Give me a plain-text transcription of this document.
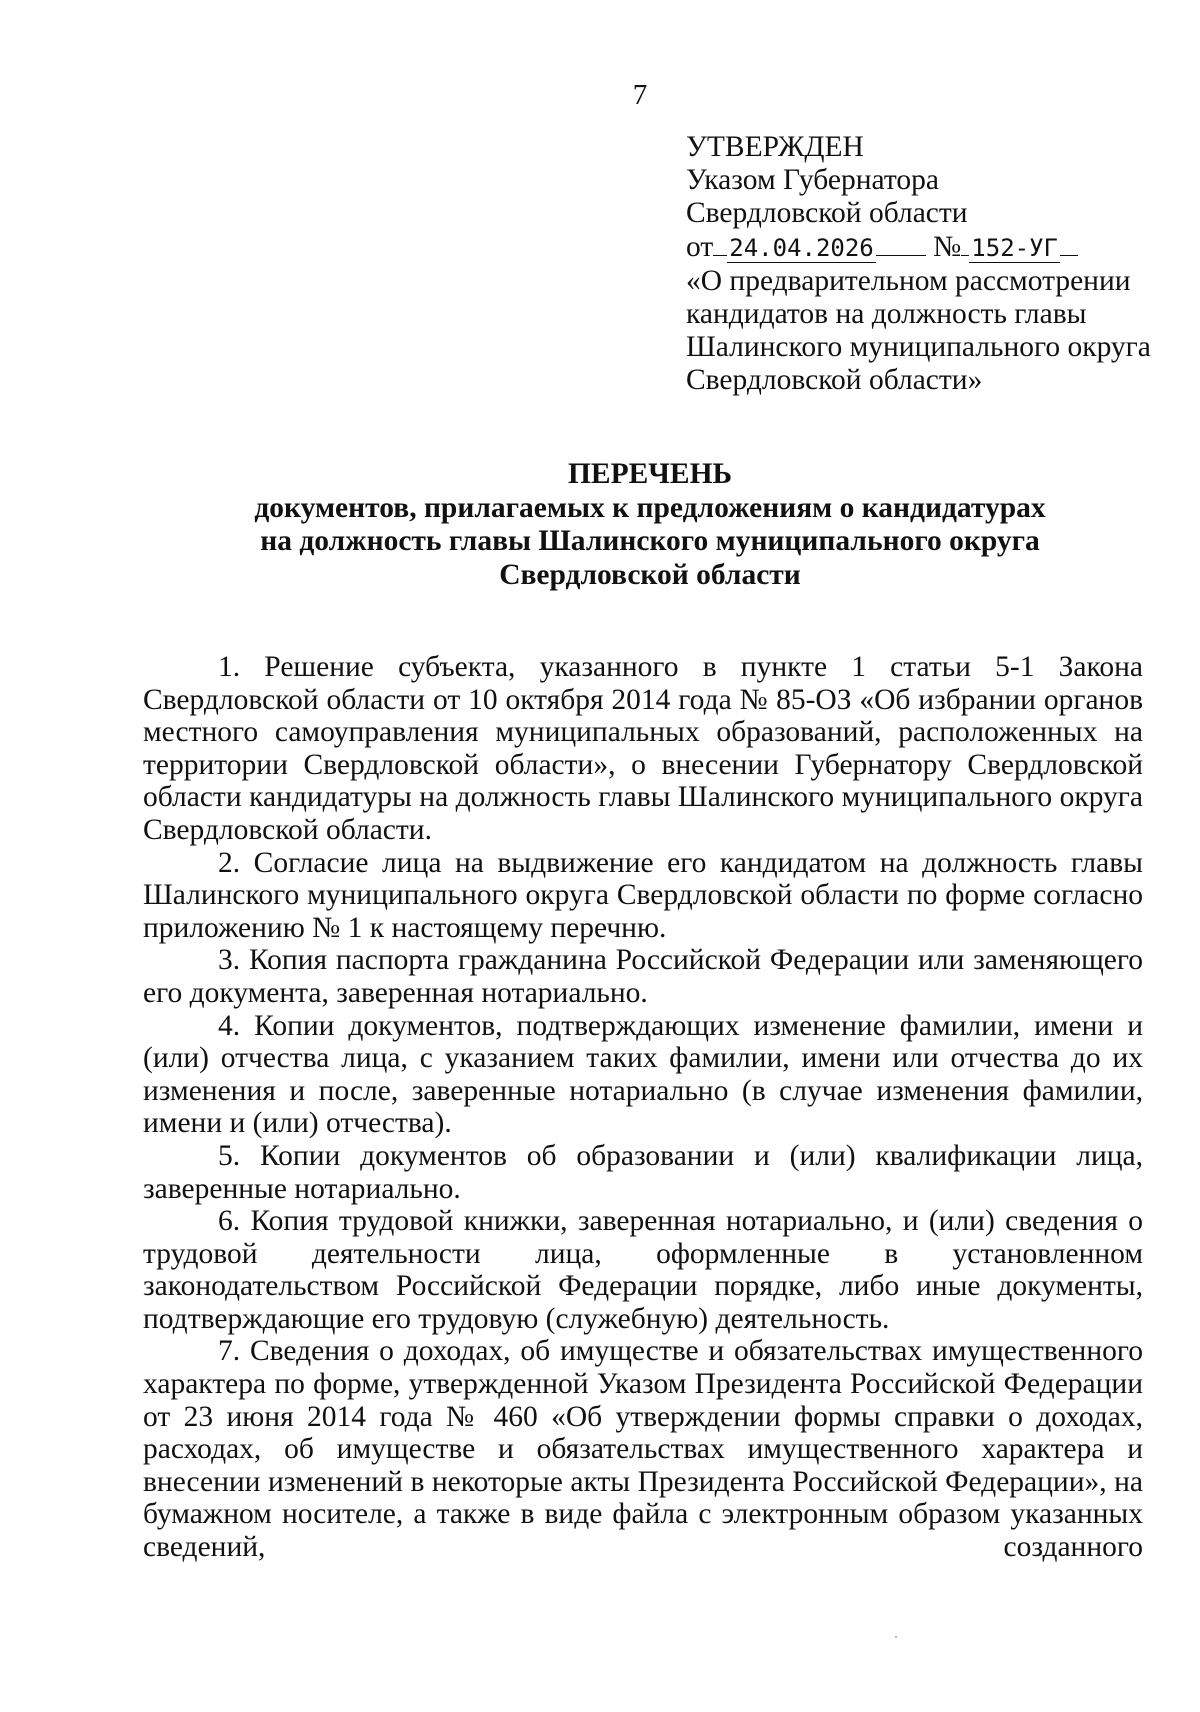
7
УТВЕРЖДЕН
Указом Губернатора
Свердловской области
от 24.04.2026 № 152-УГ
«О предварительном рассмотрении
кандидатов на должность главы
Шалинского муниципального округа
Свердловской области»
ПЕРЕЧЕНЬ
документов, прилагаемых к предложениям о кандидатурах
на должность главы Шалинского муниципального округа
Свердловской области

1. Решение субъекта, указанного в пункте 1 статьи 5-1 Закона Свердловской области от 10 октября 2014 года № 85-ОЗ «Об избрании органов местного самоуправления муниципальных образований, расположенных на территории Свердловской области», о внесении Губернатору Свердловской области кандидатуры на должность главы Шалинского муниципального округа Свердловской области.

2. Согласие лица на выдвижение его кандидатом на должность главы Шалинского муниципального округа Свердловской области по форме согласно приложению № 1 к настоящему перечню.

3. Копия паспорта гражданина Российской Федерации или заменяющего его документа, заверенная нотариально.

4. Копии документов, подтверждающих изменение фамилии, имени и (или) отчества лица, с указанием таких фамилии, имени или отчества до их изменения и после, заверенные нотариально (в случае изменения фамилии, имени и (или) отчества).

5. Копии документов об образовании и (или) квалификации лица, заверенные нотариально.

6. Копия трудовой книжки, заверенная нотариально, и (или) сведения о трудовой деятельности лица, оформленные в установленном законодательством Российской Федерации порядке, либо иные документы, подтверждающие его трудовую (служебную) деятельность.

7. Сведения о доходах, об имуществе и обязательствах имущественного характера по форме, утвержденной Указом Президента Российской Федерации от 23 июня 2014 года № 460 «Об утверждении формы справки о доходах, расходах, об имуществе и обязательствах имущественного характера и внесении изменений в некоторые акты Президента Российской Федерации», на бумажном носителе, а также в виде файла с электронным образом указанных сведений, созданного
